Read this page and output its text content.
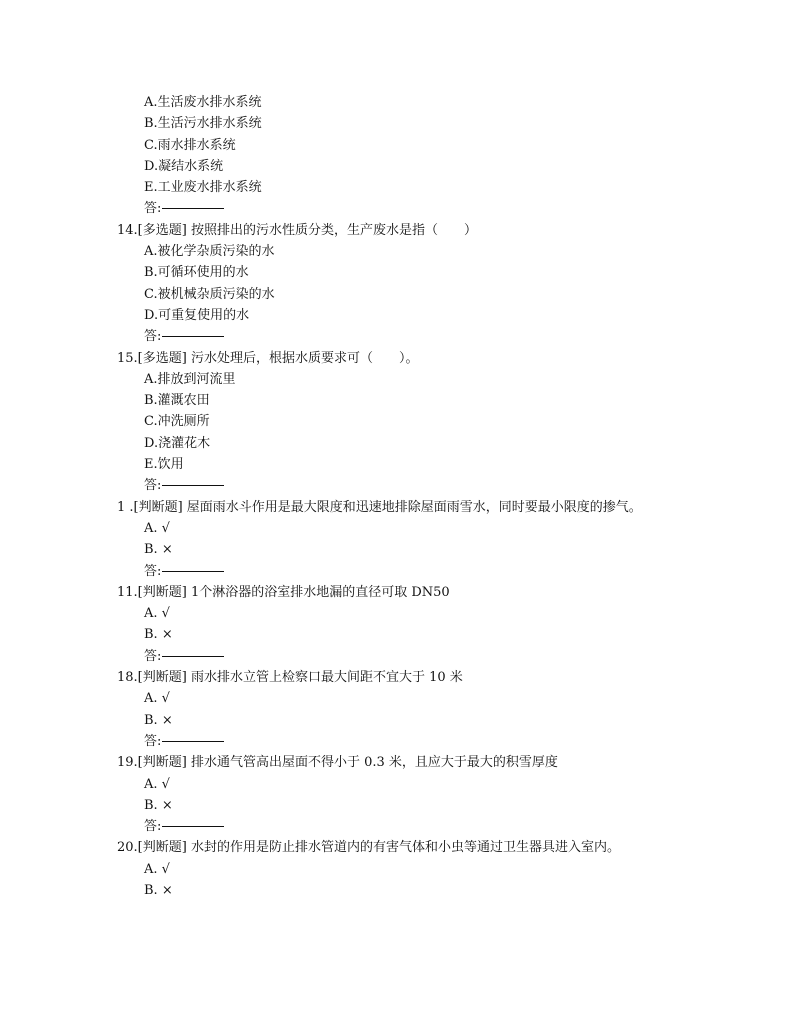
A.生活废水排水系统
B.生活污水排水系统
C.雨水排水系统
D.凝结水系统
E.工业废水排水系统
答:
14.[多选题] 按照排出的污水性质分类，生产废水是指（　　）
A.被化学杂质污染的水
B.可循环使用的水
C.被机械杂质污染的水
D.可重复使用的水
答:
15.[多选题] 污水处理后，根据水质要求可（　　）。
A.排放到河流里
B.灌溉农田
C.冲洗厕所
D.浇灌花木
E.饮用
答:
1 .[判断题] 屋面雨水斗作用是最大限度和迅速地排除屋面雨雪水，同时要最小限度的掺气。
A. √
B. ×
答:
11.[判断题] 1个淋浴器的浴室排水地漏的直径可取 DN50
A. √
B. ×
答:
18.[判断题] 雨水排水立管上检察口最大间距不宜大于 10 米
A. √
B. ×
答:
19.[判断题] 排水通气管高出屋面不得小于 0.3 米，且应大于最大的积雪厚度
A. √
B. ×
答:
20.[判断题] 水封的作用是防止排水管道内的有害气体和小虫等通过卫生器具进入室内。
A. √
B. ×
